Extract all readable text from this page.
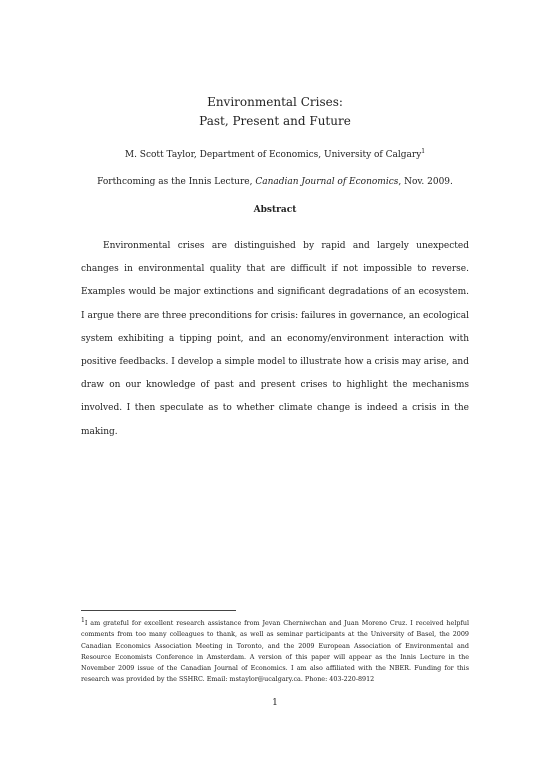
Environmental Crises:
Past, Present and Future
M. Scott Taylor, Department of Economics, University of Calgary$^1$
Forthcoming as the Innis Lecture, Canadian Journal of Economics, Nov. 2009.
Abstract

Environmental crises are distinguished by rapid and largely unexpected changes in environmental quality that are difficult if not impossible to reverse. Examples would be major extinctions and significant degradations of an ecosystem. I argue there are three preconditions for crisis: failures in governance, an ecological system exhibiting a tipping point, and an economy/environment interaction with positive feedbacks. I develop a simple model to illustrate how a crisis may arise, and draw on our knowledge of past and present crises to highlight the mechanisms involved. I then speculate as to whether climate change is indeed a crisis in the making.

$^1$I am grateful for excellent research assistance from Jevan Cherniwchan and Juan Moreno Cruz. I received helpful comments from too many colleagues to thank, as well as seminar participants at the University of Basel, the 2009 Canadian Economics Association Meeting in Toronto, and the 2009 European Association of Environmental and Resource Economists Conference in Amsterdam. A version of this paper will appear as the Innis Lecture in the November 2009 issue of the Canadian Journal of Economics. I am also affiliated with the NBER. Funding for this research was provided by the SSHRC. Email: mstaylor@ucalgary.ca. Phone: 403-220-8912

1
